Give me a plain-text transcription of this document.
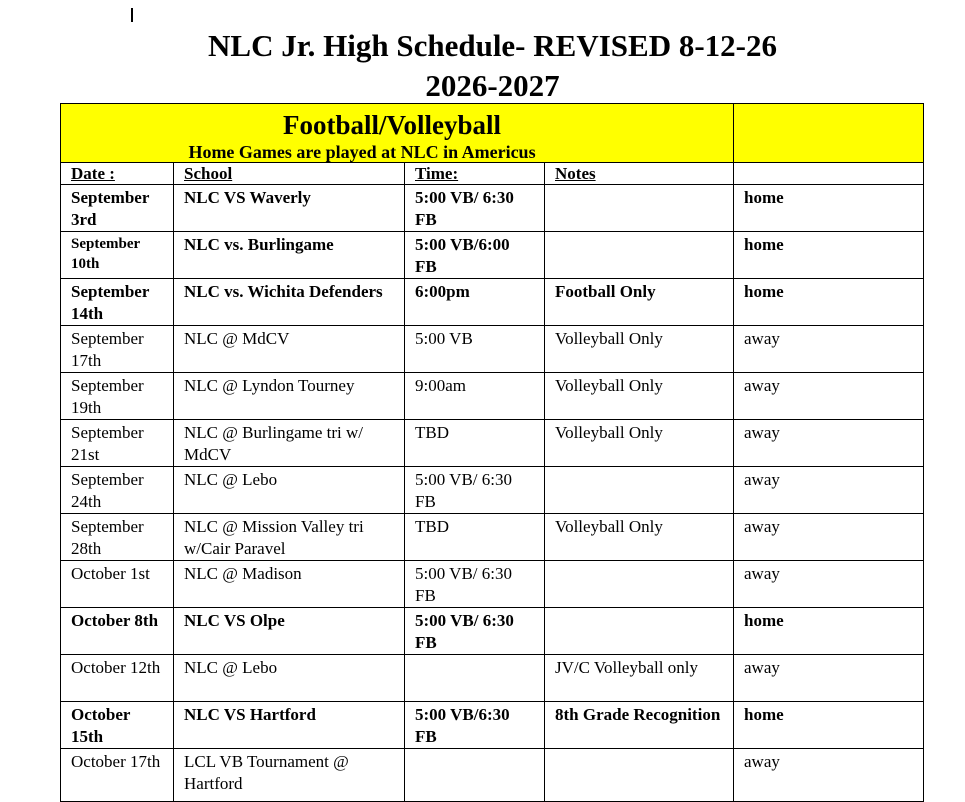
NLC Jr. High Schedule- REVISED 8-12-26
2026-2027
Football/Volleyball
Home Games are played at NLC in Americus				

Date :	School	Time:	Notes	
September 3rd	NLC VS Waverly	5:00 VB/ 6:30 FB		home
September 10th	NLC vs. Burlingame	5:00 VB/6:00 FB		home
September 14th	NLC vs. Wichita Defenders	6:00pm	Football Only	home
September 17th	NLC @ MdCV	5:00 VB	Volleyball Only	away
September 19th	NLC @ Lyndon Tourney	9:00am	Volleyball Only	away
September 21st	NLC @ Burlingame tri w/ MdCV	TBD	Volleyball Only	away
September 24th	NLC @ Lebo	5:00 VB/ 6:30 FB		away
September 28th	NLC @ Mission Valley tri w/Cair Paravel	TBD	Volleyball Only	away
October 1st	NLC @ Madison	5:00 VB/ 6:30 FB		away
October 8th	NLC VS Olpe	5:00 VB/ 6:30 FB		home
October 12th	NLC @ Lebo		JV/C Volleyball only	away
October 15th	NLC VS Hartford	5:00 VB/6:30 FB	8th Grade Recognition	home
October 17th	LCL VB Tournament @ Hartford			away
